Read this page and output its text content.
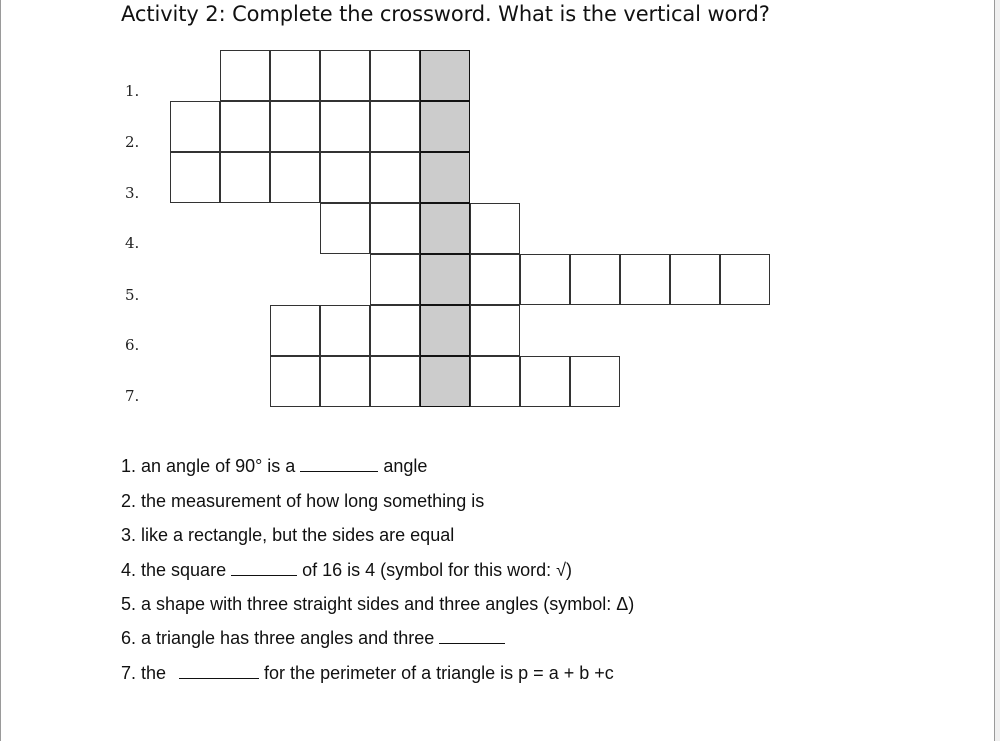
Activity 2: Complete the crossword. What is the vertical word?
1.
2.
3.
4.
5.
6.
7.
1. an angle of 90° is a	angle
2. the measurement of how long something is
3. like a rectangle, but the sides are equal
4. the square	of 16 is 4 (symbol for this word: √)
5. a shape with three straight sides and three angles (symbol: Δ)
6. a triangle has three angles and three
7. the	for the perimeter of a triangle is p = a + b +c
